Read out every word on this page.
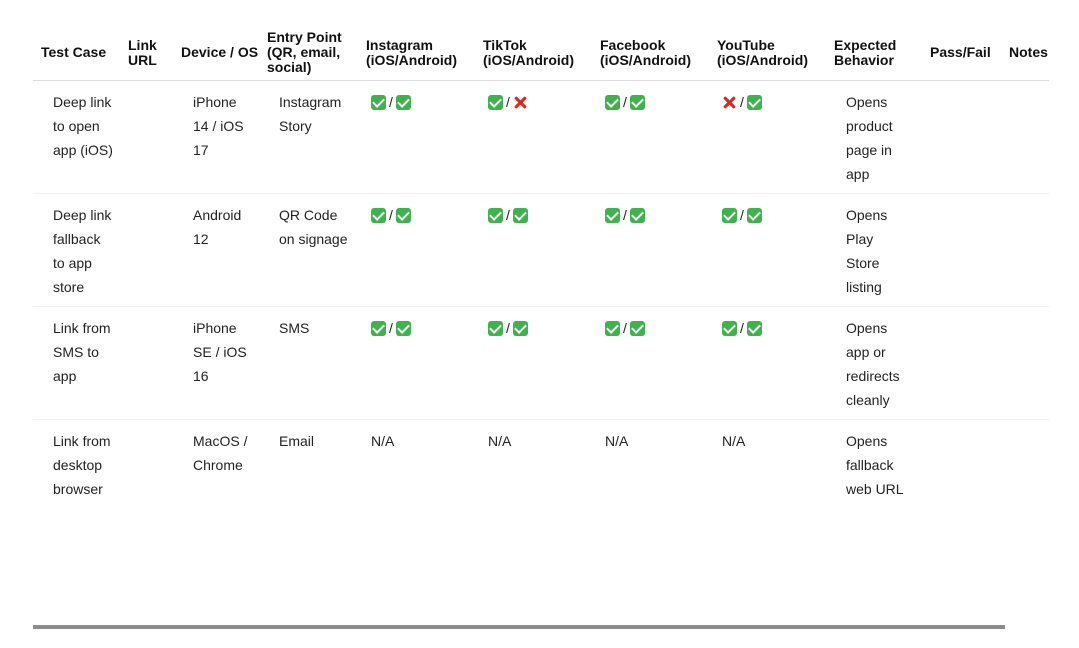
Test Case	Link URL	Device / OS	Entry Point (QR, email, social)	Instagram (iOS/Android)	TikTok (iOS/Android)	Facebook (iOS/Android)	YouTube (iOS/Android)	Expected Behavior	Pass/Fail	Notes

Deep link to open app (iOS)		iPhone 14 / iOS 17	Instagram Story	/	/	/	/	Opens product page in app		

Deep link fallback to app store		Android 12	QR Code on signage	/	/	/	/	Opens Play Store listing		

Link from SMS to app		iPhone SE / iOS 16	SMS	/	/	/	/	Opens app or redirects cleanly		

Link from desktop browser		MacOS / Chrome	Email	N/A	N/A	N/A	N/A	Opens fallback web URL		
